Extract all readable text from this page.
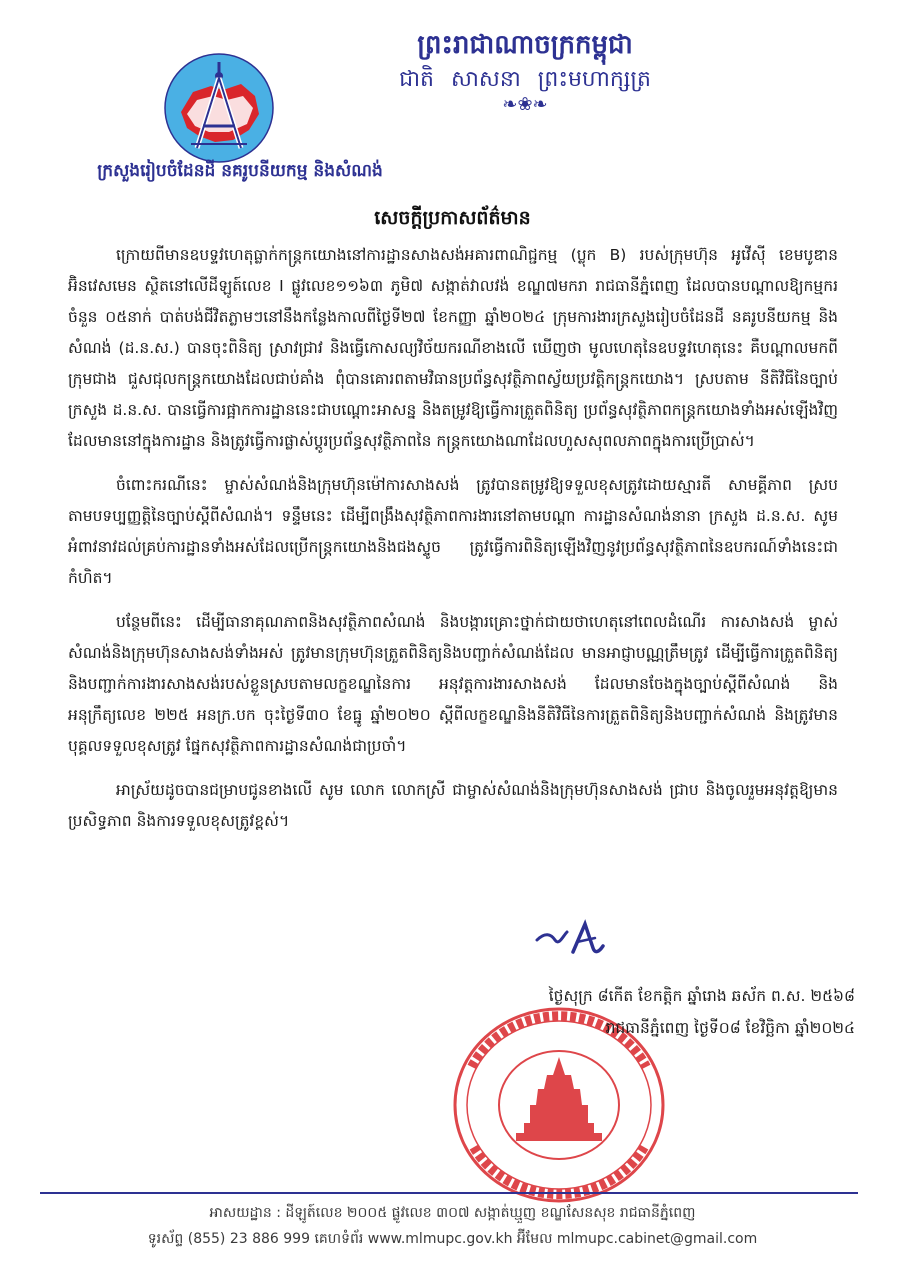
ព្រះរាជាណាចក្រកម្ពុជា
ជាតិ សាសនា ព្រះមហាក្សត្រ
❧❀❧
ក្រសួងរៀបចំដែនដី នគរូបនីយកម្ម និងសំណង់
សេចក្តីប្រកាសព័ត៌មាន

ក្រោយពីមានឧបទ្ទវហេតុធ្លាក់កន្ត្រកយោងនៅការដ្ឋានសាងសង់អគារពាណិជ្ជកម្ម (ប្លុក B) របស់ក្រុមហ៊ុន អូវើស៊ី ខេមបូឌាន អ៊ិនវេសមេន ស្ថិតនៅលើដីឡូត៍លេខ I ផ្លូវលេខ១១៦៣ ភូមិ៧ សង្កាត់វាលវង់ ខណ្ឌ៧មករា រាជធានីភ្នំពេញ ដែលបានបណ្តាលឱ្យកម្មករចំនួន ០៥នាក់ បាត់បង់ជីវិតភ្លាមៗនៅនឹងកន្លែងកាលពីថ្ងៃទី២៧ ខែកញ្ញា ឆ្នាំ២០២៤ ក្រុមការងារក្រសួងរៀបចំដែនដី នគរូបនីយកម្ម និងសំណង់ (ដ.ន.ស.) បានចុះពិនិត្យ ស្រាវជ្រាវ និងធ្វើកោសល្យវិច័យករណីខាងលើ ឃើញថា មូលហេតុនៃឧបទ្ទវហេតុនេះ គឺបណ្តាលមកពីក្រុមជាង ជួសជុលកន្ត្រកយោងដែលជាប់គាំង ពុំបានគោរពតាមវិធានប្រព័ន្ធសុវត្ថិភាពស្វ័យប្រវត្តិកន្ត្រកយោង។ ស្របតាម នីតិវិធីនៃច្បាប់ ក្រសួង ដ.ន.ស. បានធ្វើការផ្អាកការដ្ឋាននេះជាបណ្តោះអាសន្ន និងតម្រូវឱ្យធ្វើការត្រួតពិនិត្យ ប្រព័ន្ធសុវត្ថិភាពកន្ត្រកយោងទាំងអស់ឡើងវិញដែលមាននៅក្នុងការដ្ឋាន និងត្រូវធ្វើការផ្លាស់ប្តូរប្រព័ន្ធសុវត្ថិភាពនៃ កន្ត្រកយោងណាដែលហួសសុពលភាពក្នុងការប្រើប្រាស់។

ចំពោះករណីនេះ ម្ចាស់សំណង់និងក្រុមហ៊ុនម៉ៅការសាងសង់ ត្រូវបានតម្រូវឱ្យទទួលខុសត្រូវដោយស្មារតី សាមគ្គីភាព ស្របតាមបទប្បញ្ញត្តិនៃច្បាប់ស្តីពីសំណង់។ ទន្ទឹមនេះ ដើម្បីពង្រឹងសុវត្ថិភាពការងារនៅតាមបណ្តា ការដ្ឋានសំណង់នានា ក្រសួង ដ.ន.ស. សូមអំពាវនាវដល់គ្រប់ការដ្ឋានទាំងអស់ដែលប្រើកន្ត្រកយោងនិងជងស្ទូច ត្រូវធ្វើការពិនិត្យឡើងវិញនូវប្រព័ន្ធសុវត្ថិភាពនៃឧបករណ៍ទាំងនេះជាកំហិត។

បន្ថែមពីនេះ ដើម្បីធានាគុណភាពនិងសុវត្ថិភាពសំណង់ និងបង្ការគ្រោះថ្នាក់ជាយថាហេតុនៅពេលដំណើរ ការសាងសង់ ម្ចាស់សំណង់និងក្រុមហ៊ុនសាងសង់ទាំងអស់ ត្រូវមានក្រុមហ៊ុនត្រួតពិនិត្យនិងបញ្ជាក់សំណង់ដែល មានអាជ្ញាបណ្ណត្រឹមត្រូវ ដើម្បីធ្វើការត្រួតពិនិត្យ និងបញ្ជាក់ការងារសាងសង់របស់ខ្លួនស្របតាមលក្ខខណ្ឌនៃការ អនុវត្តការងារសាងសង់ ដែលមានចែងក្នុងច្បាប់ស្តីពីសំណង់ និងអនុក្រឹត្យលេខ ២២៥ អនក្រ.បក ចុះថ្ងៃទី៣០ ខែធ្នូ ឆ្នាំ២០២០ ស្តីពីលក្ខខណ្ឌនិងនីតិវិធីនៃការត្រួតពិនិត្យនិងបញ្ជាក់សំណង់ និងត្រូវមានបុគ្គលទទួលខុសត្រូវ ផ្នែកសុវត្ថិភាពការដ្ឋានសំណង់ជាប្រចាំ។

អាស្រ័យដូចបានជម្រាបជូនខាងលើ សូម លោក លោកស្រី ជាម្ចាស់សំណង់និងក្រុមហ៊ុនសាងសង់ ជ្រាប និងចូលរួមអនុវត្តឱ្យមានប្រសិទ្ធភាព និងការទទួលខុសត្រូវខ្ពស់។

ថ្ងៃសុក្រ ៨កើត ខែកត្តិក ឆ្នាំរោង ឆស័ក ព.ស. ២៥៦៨
រាជធានីភ្នំពេញ ថ្ងៃទី០៨ ខែវិច្ឆិកា ឆ្នាំ២០២៤
អាសយដ្ឋាន : ដីឡូត៍លេខ ២០០៥ ផ្លូវលេខ ៣០៧ សង្កាត់ឃ្មួញ ខណ្ឌសែនសុខ រាជធានីភ្នំពេញ
ទូរស័ព្ទ (855) 23 886 999 គេហទំព័រ www.mlmupc.gov.kh អ៊ីមែល mlmupc.cabinet@gmail.com
